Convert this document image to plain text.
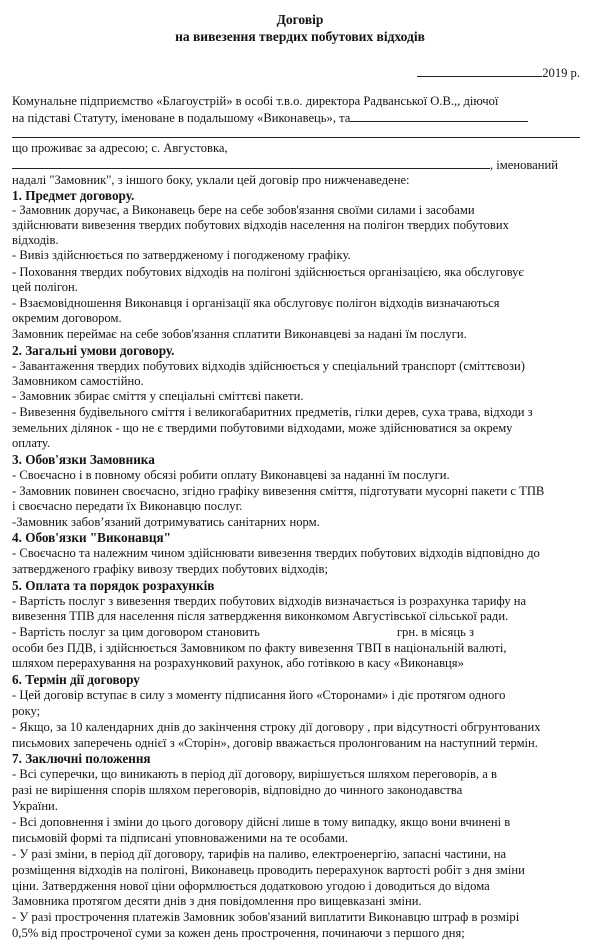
Договір
на вивезення твердих побутових відходів
2019 р.
Комунальне підприємство «Благоустрій» в особі т.в.о. директора Радванської О.В.,, діючої
на підставі Статуту, іменоване в подальшому «Виконавець», та
що проживає за адресою; с. Августовка,
, іменований
надалі "Замовник", з іншого боку, уклали цей договір про нижченаведене:
1. Предмет договору.
- Замовник доручає, а Виконавець бере на себе зобов'язання своїми силами і засобами
здійснювати вивезення твердих побутових відходів населення на полігон твердих побутових
відходів.
- Вивіз здійснюється по затвердженому і погодженому графіку.
- Поховання твердих побутових відходів на полігоні здійснюється організацією, яка обслуговує
цей полігон.
- Взаємовідношення Виконавця і організації яка обслуговує полігон відходів визначаються
окремим договором.
Замовник переймає на себе зобов'язання сплатити Виконавцеві за надані їм послуги.
2. Загальні умови договору.
- Завантаження твердих побутових відходів здійснюється у спеціальний транспорт (сміттєвози)
Замовником самостійно.
- Замовник збирає сміття у спеціальні сміттєві пакети.
- Вивезення будівельного сміття і великогабаритних предметів, гілки дерев, суха трава, відходи з
земельних ділянок - що не є твердими побутовими відходами, може здійснюватися за окрему
оплату.
3. Обов'язки Замовника
- Своєчасно і в повному обсязі робити оплату Виконавцеві за наданні їм послуги.
- Замовник повинен своєчасно, згідно графіку вивезення сміття, підготувати мусорні пакети с ТПВ
і своєчасно передати їх Виконавцю послуг.
-Замовник забов’язаний дотримуватись санітарних норм.
4. Обов'язки "Виконавця"
- Своєчасно та належним чином здійснювати вивезення твердих побутових відходів відповідно до
затвердженого графіку вивозу твердих побутових відходів;
5. Оплата та порядок розрахунків
- Вартість послуг з вивезення твердих побутових відходів визначається із розрахунка тарифу на
вивезення ТПВ для населення після затвердження виконкомом Августівської сільської ради.
- Вартість послуг за цим договором становить	грн. в місяць з
особи без ПДВ, і здійснюється Замовником по факту вивезення ТВП в національній валюті,
шляхом перерахування на розрахунковий рахунок, або готівкою в касу «Виконавця»
6. Термін дії договору
- Цей договір вступає в силу з моменту підписання його «Сторонами» і діє протягом одного
року;
- Якщо, за 10 календарних днів до закінчення строку дії договору , при відсутності обгрунтованих
письмових заперечень однієї з «Сторін», договір вважається пролонгованим на наступний термін.
7. Заключні положення
- Всі суперечки, що виникають в період дії договору, вирішується шляхом переговорів, а в
разі не вирішення спорів шляхом переговорів, відповідно до чинного законодавства
України.
- Всі доповнення і зміни до цього договору дійсні лише в тому випадку, якщо вони вчинені в
письмовій формі та підписані уповноваженими на те особами.
- У разі зміни, в період дії договору, тарифів на паливо, електроенергію, запасні частини, на
розміщення відходів на полігоні, Виконавець проводить перерахунок вартості робіт з дня зміни
ціни. Затвердження нової ціни оформлюється додатковою угодою і доводиться до відома
Замовника протягом десяти днів з дня повідомлення про вищевказані зміни.
- У разі прострочення платежів Замовник зобов'язаний виплатити Виконавцю штраф в розмірі
0,5% від простроченої суми за кожен день прострочення, починаючи з першого дня;
